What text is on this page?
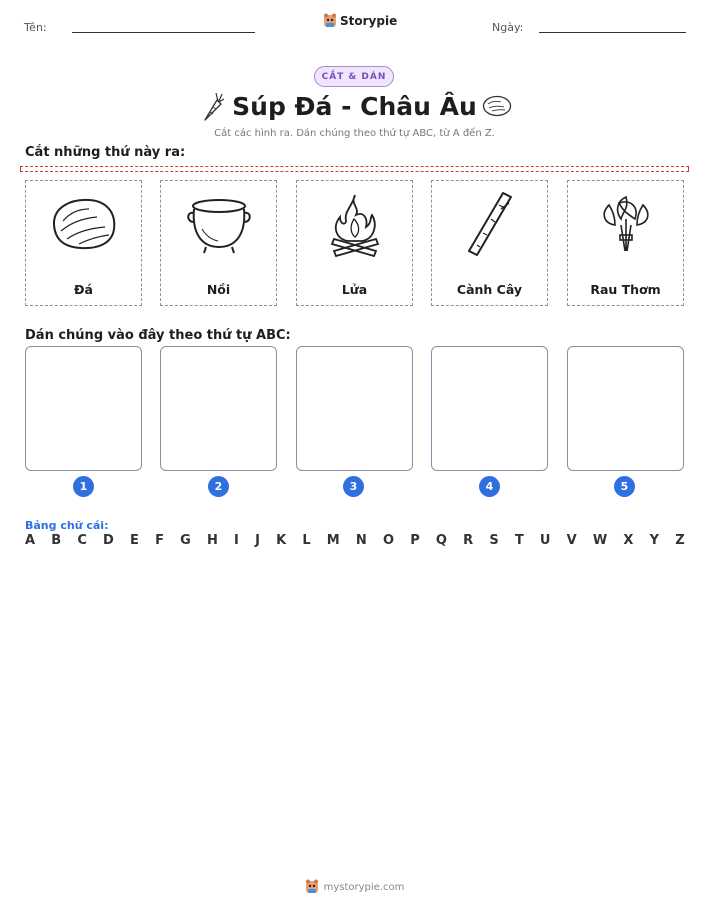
Tên:	Storypie	Ngày:
CẮT & DÁN
Súp Đá - Châu Âu
Cắt các hình ra. Dán chúng theo thứ tự ABC, từ A đến Z.
Cắt những thứ này ra:
Đá	Nồi	Lửa	Cành Cây	Rau Thơm
Dán chúng vào đây theo thứ tự ABC:
1	2	3	4	5
Bảng chữ cái:
A B C D E F G H I J K L M N O P Q R S T U V W X Y Z
mystorypie.com
